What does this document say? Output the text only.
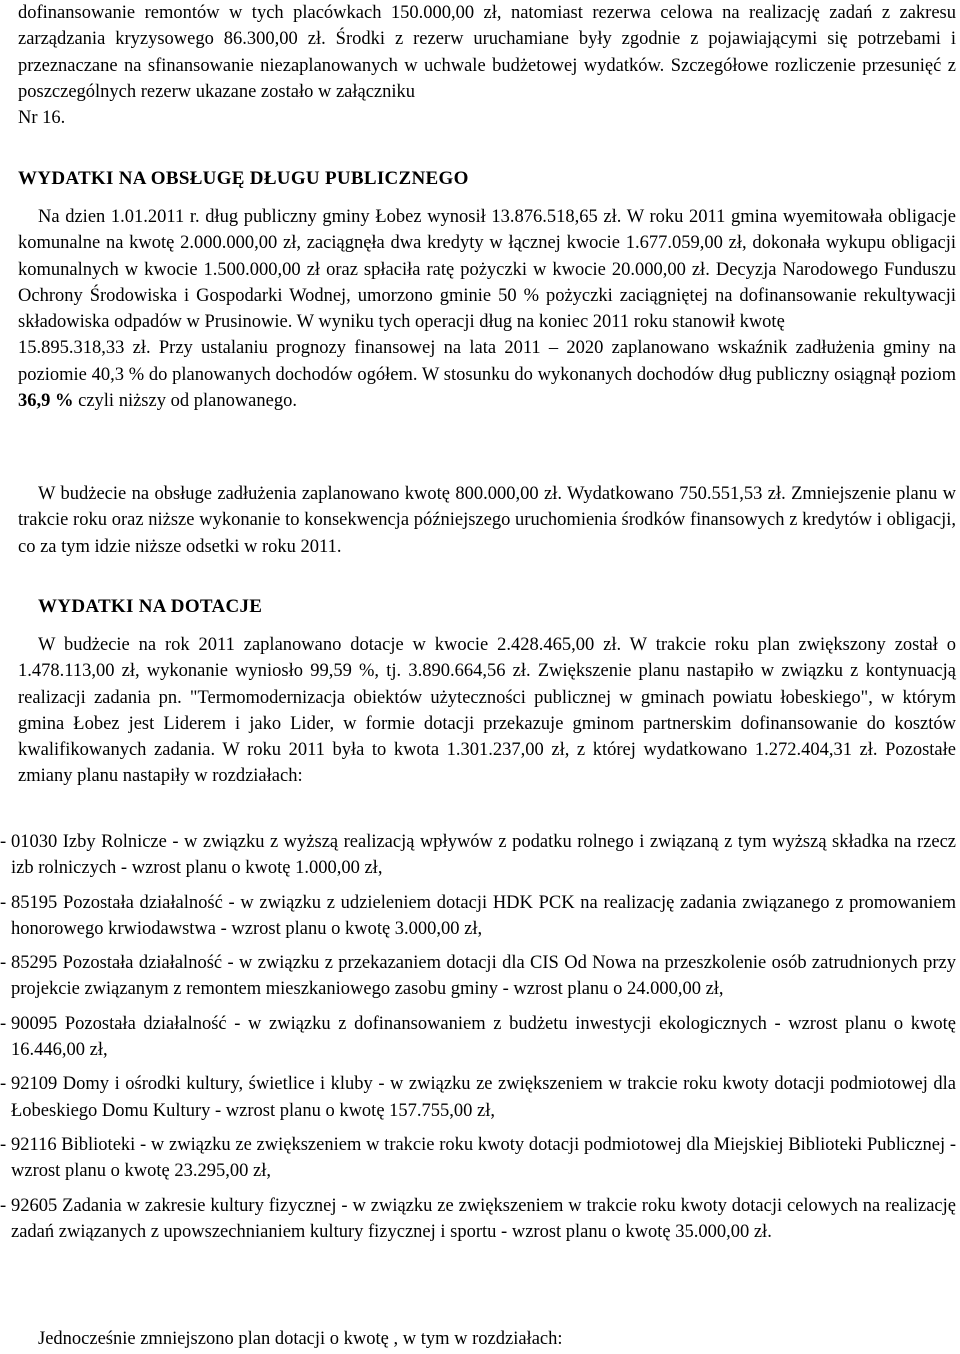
dofinansowanie remontów w tych placówkach 150.000,00 zł, natomiast rezerwa celowa na realizację zadań z zakresu zarządzania kryzysowego 86.300,00 zł. Środki z rezerw uruchamiane były zgodnie z pojawiającymi się potrzebami i przeznaczane na sfinansowanie niezaplanowanych w uchwale budżetowej wydatków. Szczegółowe rozliczenie przesunięć z poszczególnych rezerw ukazane zostało w załączniku
Nr 16.
WYDATKI NA OBSŁUGĘ DŁUGU PUBLICZNEGO
Na dzien 1.01.2011 r. dług publiczny gminy Łobez wynosił 13.876.518,65 zł. W roku 2011 gmina wyemitowała obligacje komunalne na kwotę 2.000.000,00 zł, zaciągnęła dwa kredyty w łącznej kwocie 1.677.059,00 zł, dokonała wykupu obligacji komunalnych w kwocie 1.500.000,00 zł oraz spłaciła ratę pożyczki w kwocie 20.000,00 zł. Decyzja Narodowego Funduszu Ochrony Środowiska i Gospodarki Wodnej, umorzono gminie 50 % pożyczki zaciągniętej na dofinansowanie rekultywacji składowiska odpadów w Prusinowie. W wyniku tych operacji dług na koniec 2011 roku stanowił kwotę
15.895.318,33 zł. Przy ustalaniu prognozy finansowej na lata 2011 – 2020 zaplanowano wskaźnik zadłużenia gminy na poziomie 40,3 % do planowanych dochodów ogółem. W stosunku do wykonanych dochodów dług publiczny osiągnął poziom 36,9 % czyli niższy od planowanego.
W budżecie na obsługe zadłużenia zaplanowano kwotę 800.000,00 zł. Wydatkowano 750.551,53 zł. Zmniejszenie planu w trakcie roku oraz niższe wykonanie to konsekwencja późniejszego uruchomienia środków finansowych z kredytów i obligacji, co za tym idzie niższe odsetki w roku 2011.
WYDATKI NA DOTACJE
W budżecie na rok 2011 zaplanowano dotacje w kwocie 2.428.465,00 zł. W trakcie roku plan zwiększony został o 1.478.113,00 zł, wykonanie wyniosło 99,59 %, tj. 3.890.664,56 zł. Zwiększenie planu nastapiło w związku z kontynuacją realizacji zadania pn. "Termomodernizacja obiektów użyteczności publicznej w gminach powiatu łobeskiego", w którym gmina Łobez jest Liderem i jako Lider, w formie dotacji przekazuje gminom partnerskim dofinansowanie do kosztów kwalifikowanych zadania. W roku 2011 była to kwota 1.301.237,00 zł, z której wydatkowano 1.272.404,31 zł. Pozostałe zmiany planu nastapiły w rozdziałach:
- 01030 Izby Rolnicze - w związku z wyższą realizacją wpływów z podatku rolnego i związaną z tym wyższą składka na rzecz izb rolniczych - wzrost planu o kwotę 1.000,00 zł,
- 85195 Pozostała działalność - w związku z udzieleniem dotacji HDK PCK na realizację zadania związanego z promowaniem honorowego krwiodawstwa - wzrost planu o kwotę 3.000,00 zł,
- 85295 Pozostała działalność - w związku z przekazaniem dotacji dla CIS Od Nowa na przeszkolenie osób zatrudnionych przy projekcie związanym z remontem mieszkaniowego zasobu gminy - wzrost planu o 24.000,00 zł,
- 90095 Pozostała działalność - w związku z dofinansowaniem z budżetu inwestycji ekologicznych - wzrost planu o kwotę 16.446,00 zł,
- 92109 Domy i ośrodki kultury, świetlice i kluby - w związku ze zwiększeniem w trakcie roku kwoty dotacji podmiotowej dla Łobeskiego Domu Kultury - wzrost planu o kwotę 157.755,00 zł,
- 92116 Biblioteki - w związku ze zwiększeniem w trakcie roku kwoty dotacji podmiotowej dla Miejskiej Biblioteki Publicznej - wzrost planu o kwotę 23.295,00 zł,
- 92605 Zadania w zakresie kultury fizycznej - w związku ze zwiększeniem w trakcie roku kwoty dotacji celowych na realizację zadań związanych z upowszechnianiem kultury fizycznej i sportu - wzrost planu o kwotę 35.000,00 zł.
Jednocześnie zmniejszono plan dotacji o kwotę , w tym w rozdziałach:
